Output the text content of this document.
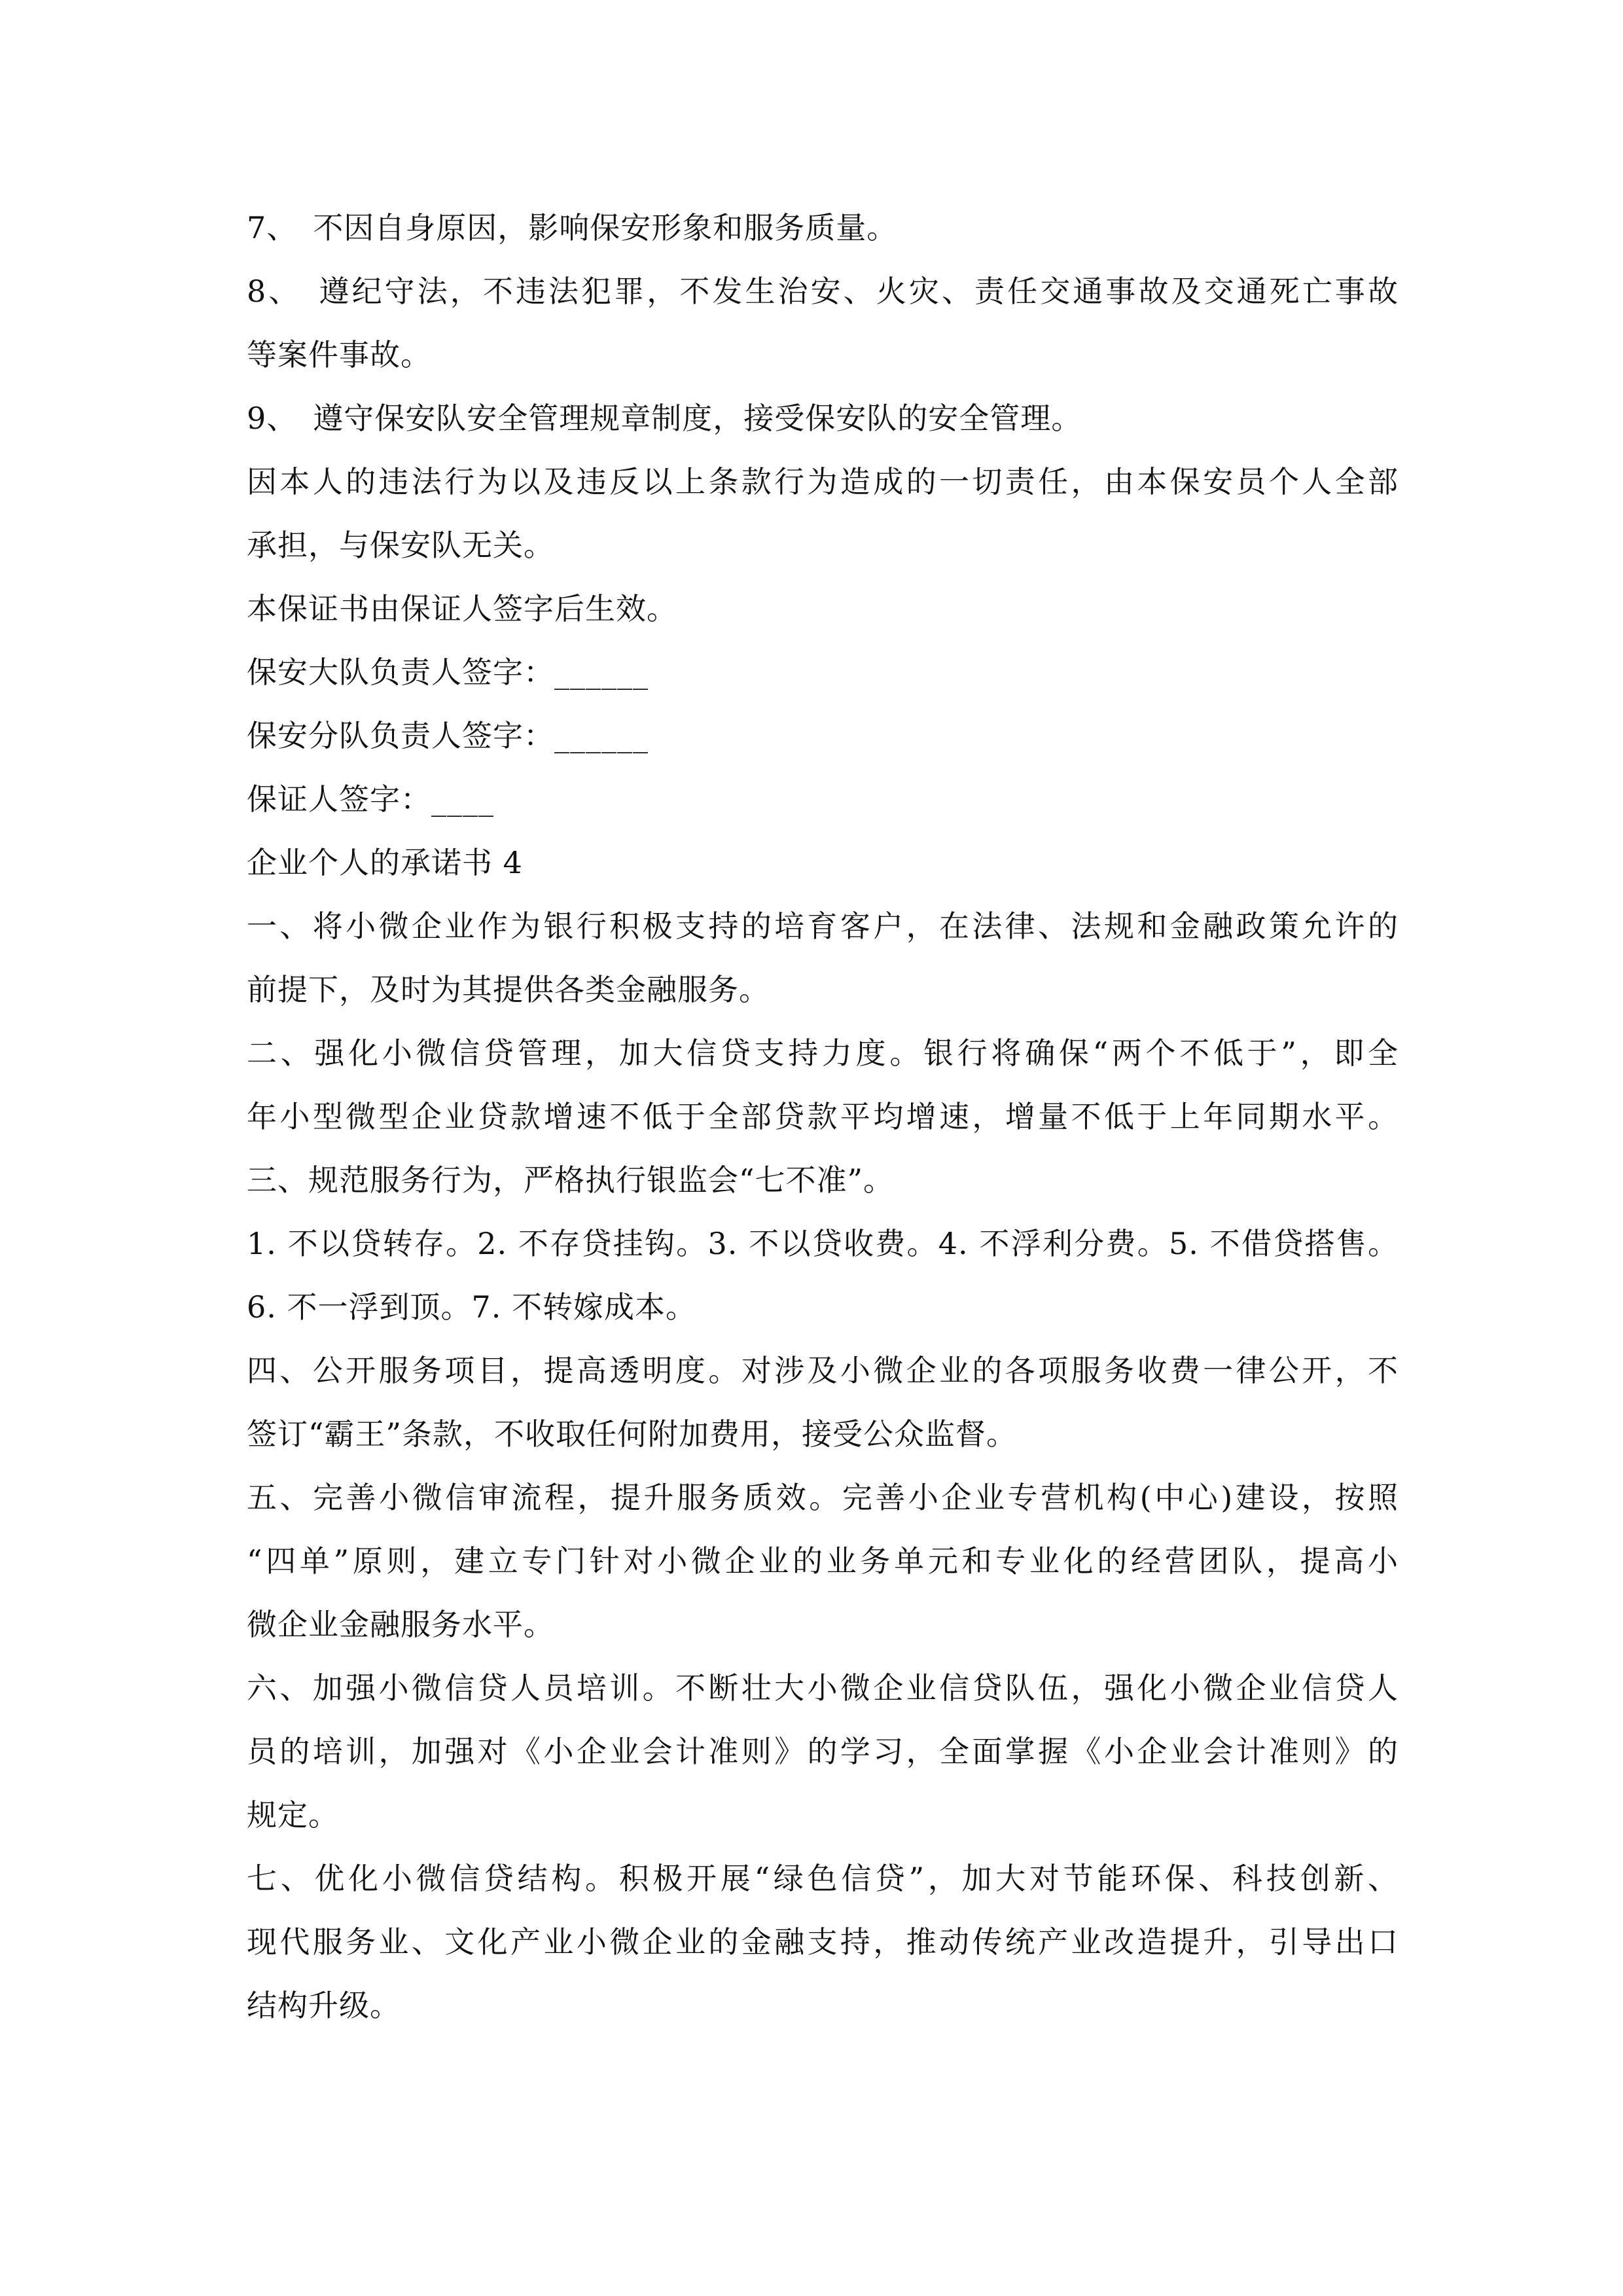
7、　不因自身原因，影响保安形象和服务质量。
8、　遵纪守法，不违法犯罪，不发生治安、火灾、责任交通事故及交通死亡事故
等案件事故。
9、　遵守保安队安全管理规章制度，接受保安队的安全管理。
因本人的违法行为以及违反以上条款行为造成的一切责任，由本保安员个人全部
承担，与保安队无关。
本保证书由保证人签字后生效。
保安大队负责人签字：______
保安分队负责人签字：______
保证人签字：____
企业个人的承诺书 4
一、将小微企业作为银行积极支持的培育客户，在法律、法规和金融政策允许的
前提下，及时为其提供各类金融服务。
二、强化小微信贷管理，加大信贷支持力度。银行将确保“两个不低于”，即全
年小型微型企业贷款增速不低于全部贷款平均增速，增量不低于上年同期水平。
三、规范服务行为，严格执行银监会“七不准”。
1. 不以贷转存。2. 不存贷挂钩。3. 不以贷收费。4. 不浮利分费。5. 不借贷搭售。
6. 不一浮到顶。7. 不转嫁成本。
四、公开服务项目，提高透明度。对涉及小微企业的各项服务收费一律公开，不
签订“霸王”条款，不收取任何附加费用，接受公众监督。
五、完善小微信审流程，提升服务质效。完善小企业专营机构(中心)建设，按照
“四单”原则，建立专门针对小微企业的业务单元和专业化的经营团队，提高小
微企业金融服务水平。
六、加强小微信贷人员培训。不断壮大小微企业信贷队伍，强化小微企业信贷人
员的培训，加强对《小企业会计准则》的学习，全面掌握《小企业会计准则》的
规定。
七、优化小微信贷结构。积极开展“绿色信贷”，加大对节能环保、科技创新、
现代服务业、文化产业小微企业的金融支持，推动传统产业改造提升，引导出口
结构升级。
